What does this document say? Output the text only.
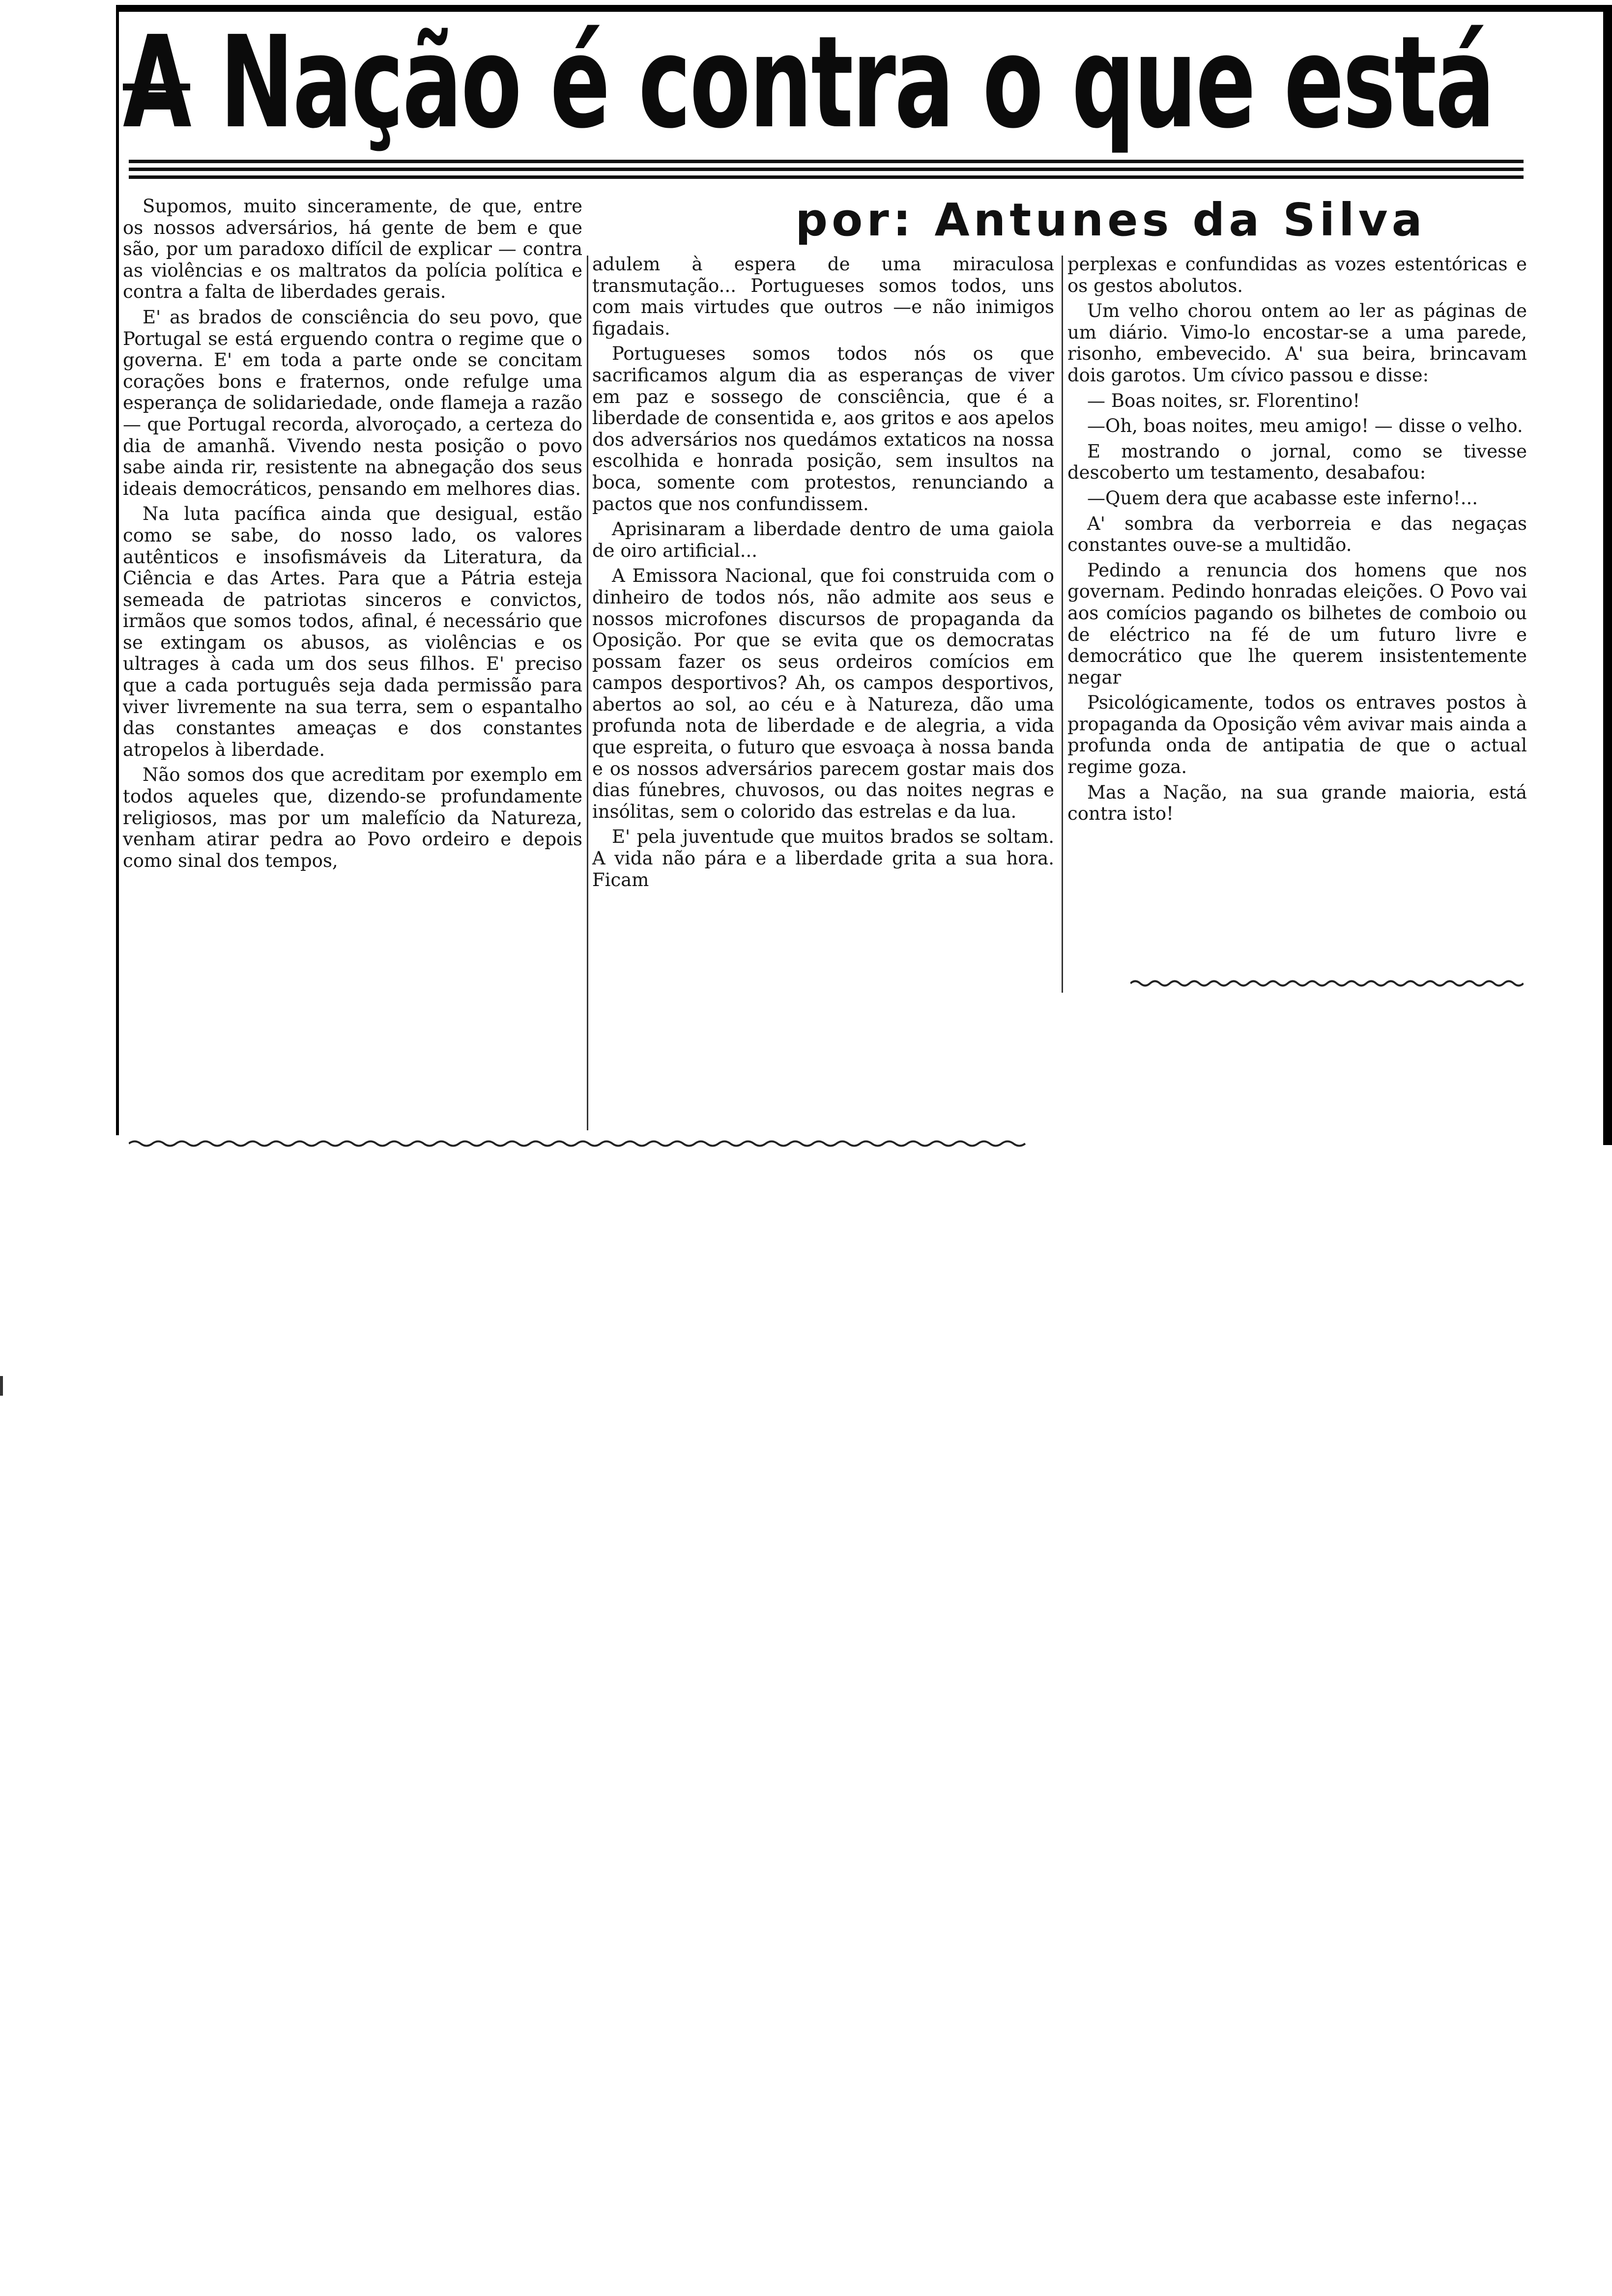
A Nação é contra o que está
por: Antunes da Silva

Supomos, muito sinceramente, de que, entre os nossos adversários, há gente de bem e que são, por um paradoxo difícil de explicar — contra as violências e os maltratos da polícia política e contra a falta de liberdades gerais.

E' as brados de consciência do seu povo, que Portugal se está erguendo contra o regime que o governa. E' em toda a parte onde se concitam corações bons e fraternos, onde refulge uma esperança de solidariedade, onde flameja a razão — que Portugal recorda, alvoroçado, a certeza do dia de amanhã. Vivendo nesta posição o povo sabe ainda rir, resistente na abnegação dos seus ideais democráticos, pensando em melhores dias.

Na luta pacífica ainda que desigual, estão como se sabe, do nosso lado, os valores autênticos e insofismáveis da Literatura, da Ciência e das Artes. Para que a Pátria esteja semeada de patriotas sinceros e convictos, irmãos que somos todos, afinal, é necessário que se extingam os abusos, as violências e os ultrages à cada um dos seus filhos. E' preciso que a cada português seja dada permissão para viver livremente na sua terra, sem o espantalho das constantes ameaças e dos constantes atropelos à liberdade.

Não somos dos que acreditam por exemplo em todos aqueles que, dizendo-se profundamente religiosos, mas por um malefício da Natureza, venham atirar pedra ao Povo ordeiro e depois como sinal dos tempos,

adulem à espera de uma miraculosa transmutação... Portugueses somos todos, uns com mais virtudes que outros —e não inimigos figadais.

Portugueses somos todos nós os que sacrificamos algum dia as esperanças de viver em paz e sossego de consciência, que é a liberdade de consentida e, aos gritos e aos apelos dos adversários nos quedámos extaticos na nossa escolhida e honrada posição, sem insultos na boca, somente com protestos, renunciando a pactos que nos confundissem.

Aprisinaram a liberdade dentro de uma gaiola de oiro artificial...

A Emissora Nacional, que foi construida com o dinheiro de todos nós, não admite aos seus e nossos microfones discursos de propaganda da Oposição. Por que se evita que os democratas possam fazer os seus ordeiros comícios em campos desportivos? Ah, os campos desportivos, abertos ao sol, ao céu e à Natureza, dão uma profunda nota de liberdade e de alegria, a vida que espreita, o futuro que esvoaça à nossa banda e os nossos adversários parecem gostar mais dos dias fúnebres, chuvosos, ou das noites negras e insólitas, sem o colorido das estrelas e da lua.

E' pela juventude que muitos brados se soltam. A vida não pára e a liberdade grita a sua hora. Ficam

perplexas e confundidas as vozes estentóricas e os gestos abolutos.

Um velho chorou ontem ao ler as páginas de um diário. Vimo-lo encostar-se a uma parede, risonho, embevecido. A' sua beira, brincavam dois garotos. Um cívico passou e disse:

— Boas noites, sr. Florentino!

—Oh, boas noites, meu amigo! — disse o velho.

E mostrando o jornal, como se tivesse descoberto um testamento, desabafou:

—Quem dera que acabasse este inferno!...

A' sombra da verborreia e das negaças constantes ouve-se a multidão.

Pedindo a renuncia dos homens que nos governam. Pedindo honradas eleições. O Povo vai aos comícios pagando os bilhetes de comboio ou de eléctrico na fé de um futuro livre e democrático que lhe querem insistentemente negar

Psicológicamente, todos os entraves postos à propaganda da Oposição vêm avivar mais ainda a profunda onda de antipatia de que o actual regime goza.

Mas a Nação, na sua grande maioria, está contra isto!
